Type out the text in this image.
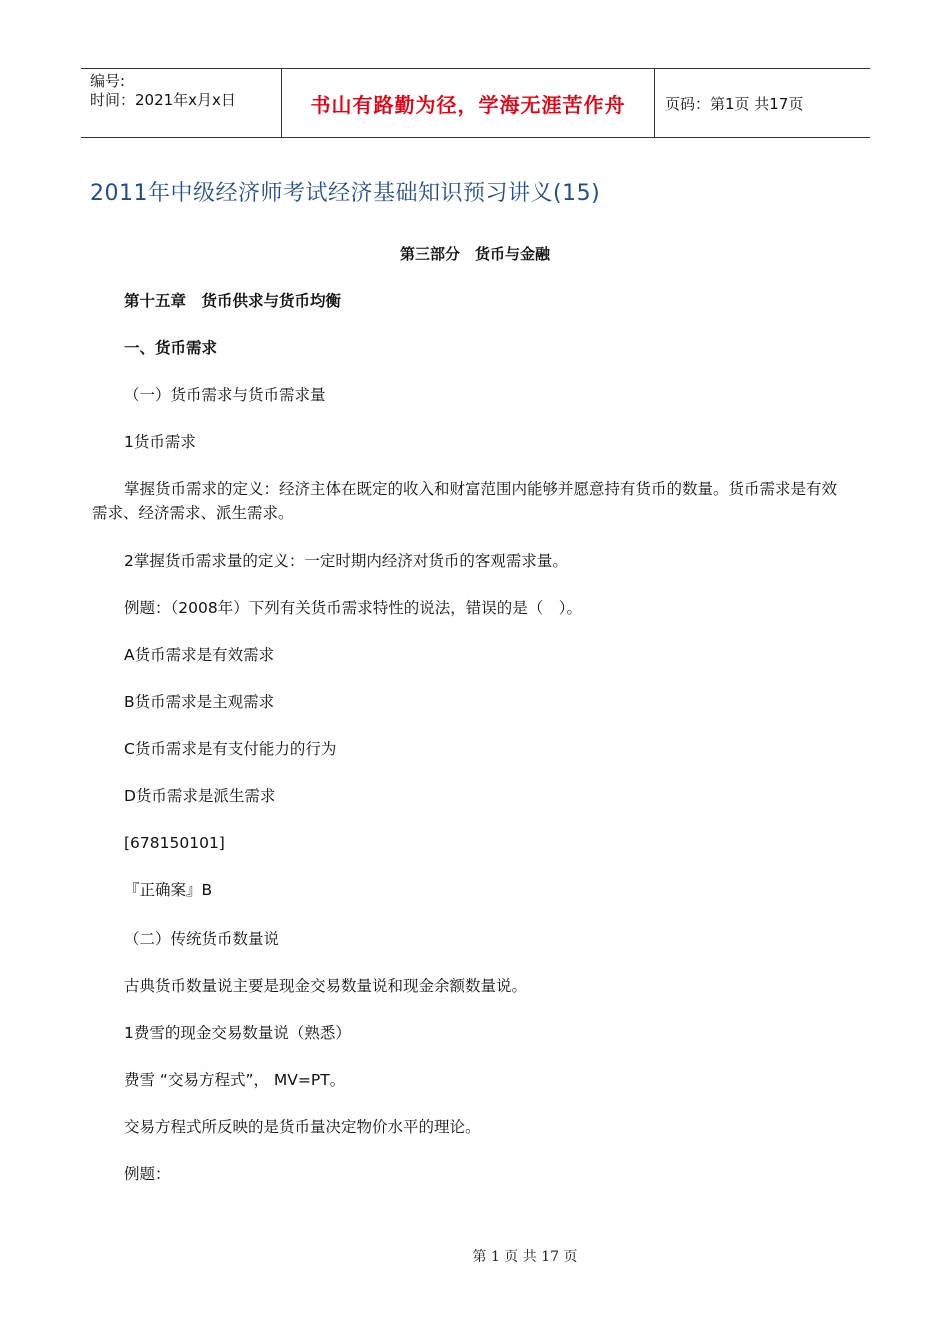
编号:
时间：2021年x月x日	书山有路勤为径，学海无涯苦作舟	页码：第1页 共17页
2011年中级经济师考试经济基础知识预习讲义(15)
第三部分　货币与金融

第十五章　货币供求与货币均衡

一、货币需求

（一）货币需求与货币需求量

1货币需求

掌握货币需求的定义：经济主体在既定的收入和财富范围内能够并愿意持有货币的数量。货币需求是有效需求、经济需求、派生需求。

2掌握货币需求量的定义：一定时期内经济对货币的客观需求量。

例题：（2008年）下列有关货币需求特性的说法，错误的是（　）。

A货币需求是有效需求

B货币需求是主观需求

C货币需求是有支付能力的行为

D货币需求是派生需求

[678150101]

『正确案』B

（二）传统货币数量说

古典货币数量说主要是现金交易数量说和现金余额数量说。

1费雪的现金交易数量说（熟悉）

费雪 “交易方程式”， MV=PT。

交易方程式所反映的是货币量决定物价水平的理论。

例题：

第 1 页 共 17 页
